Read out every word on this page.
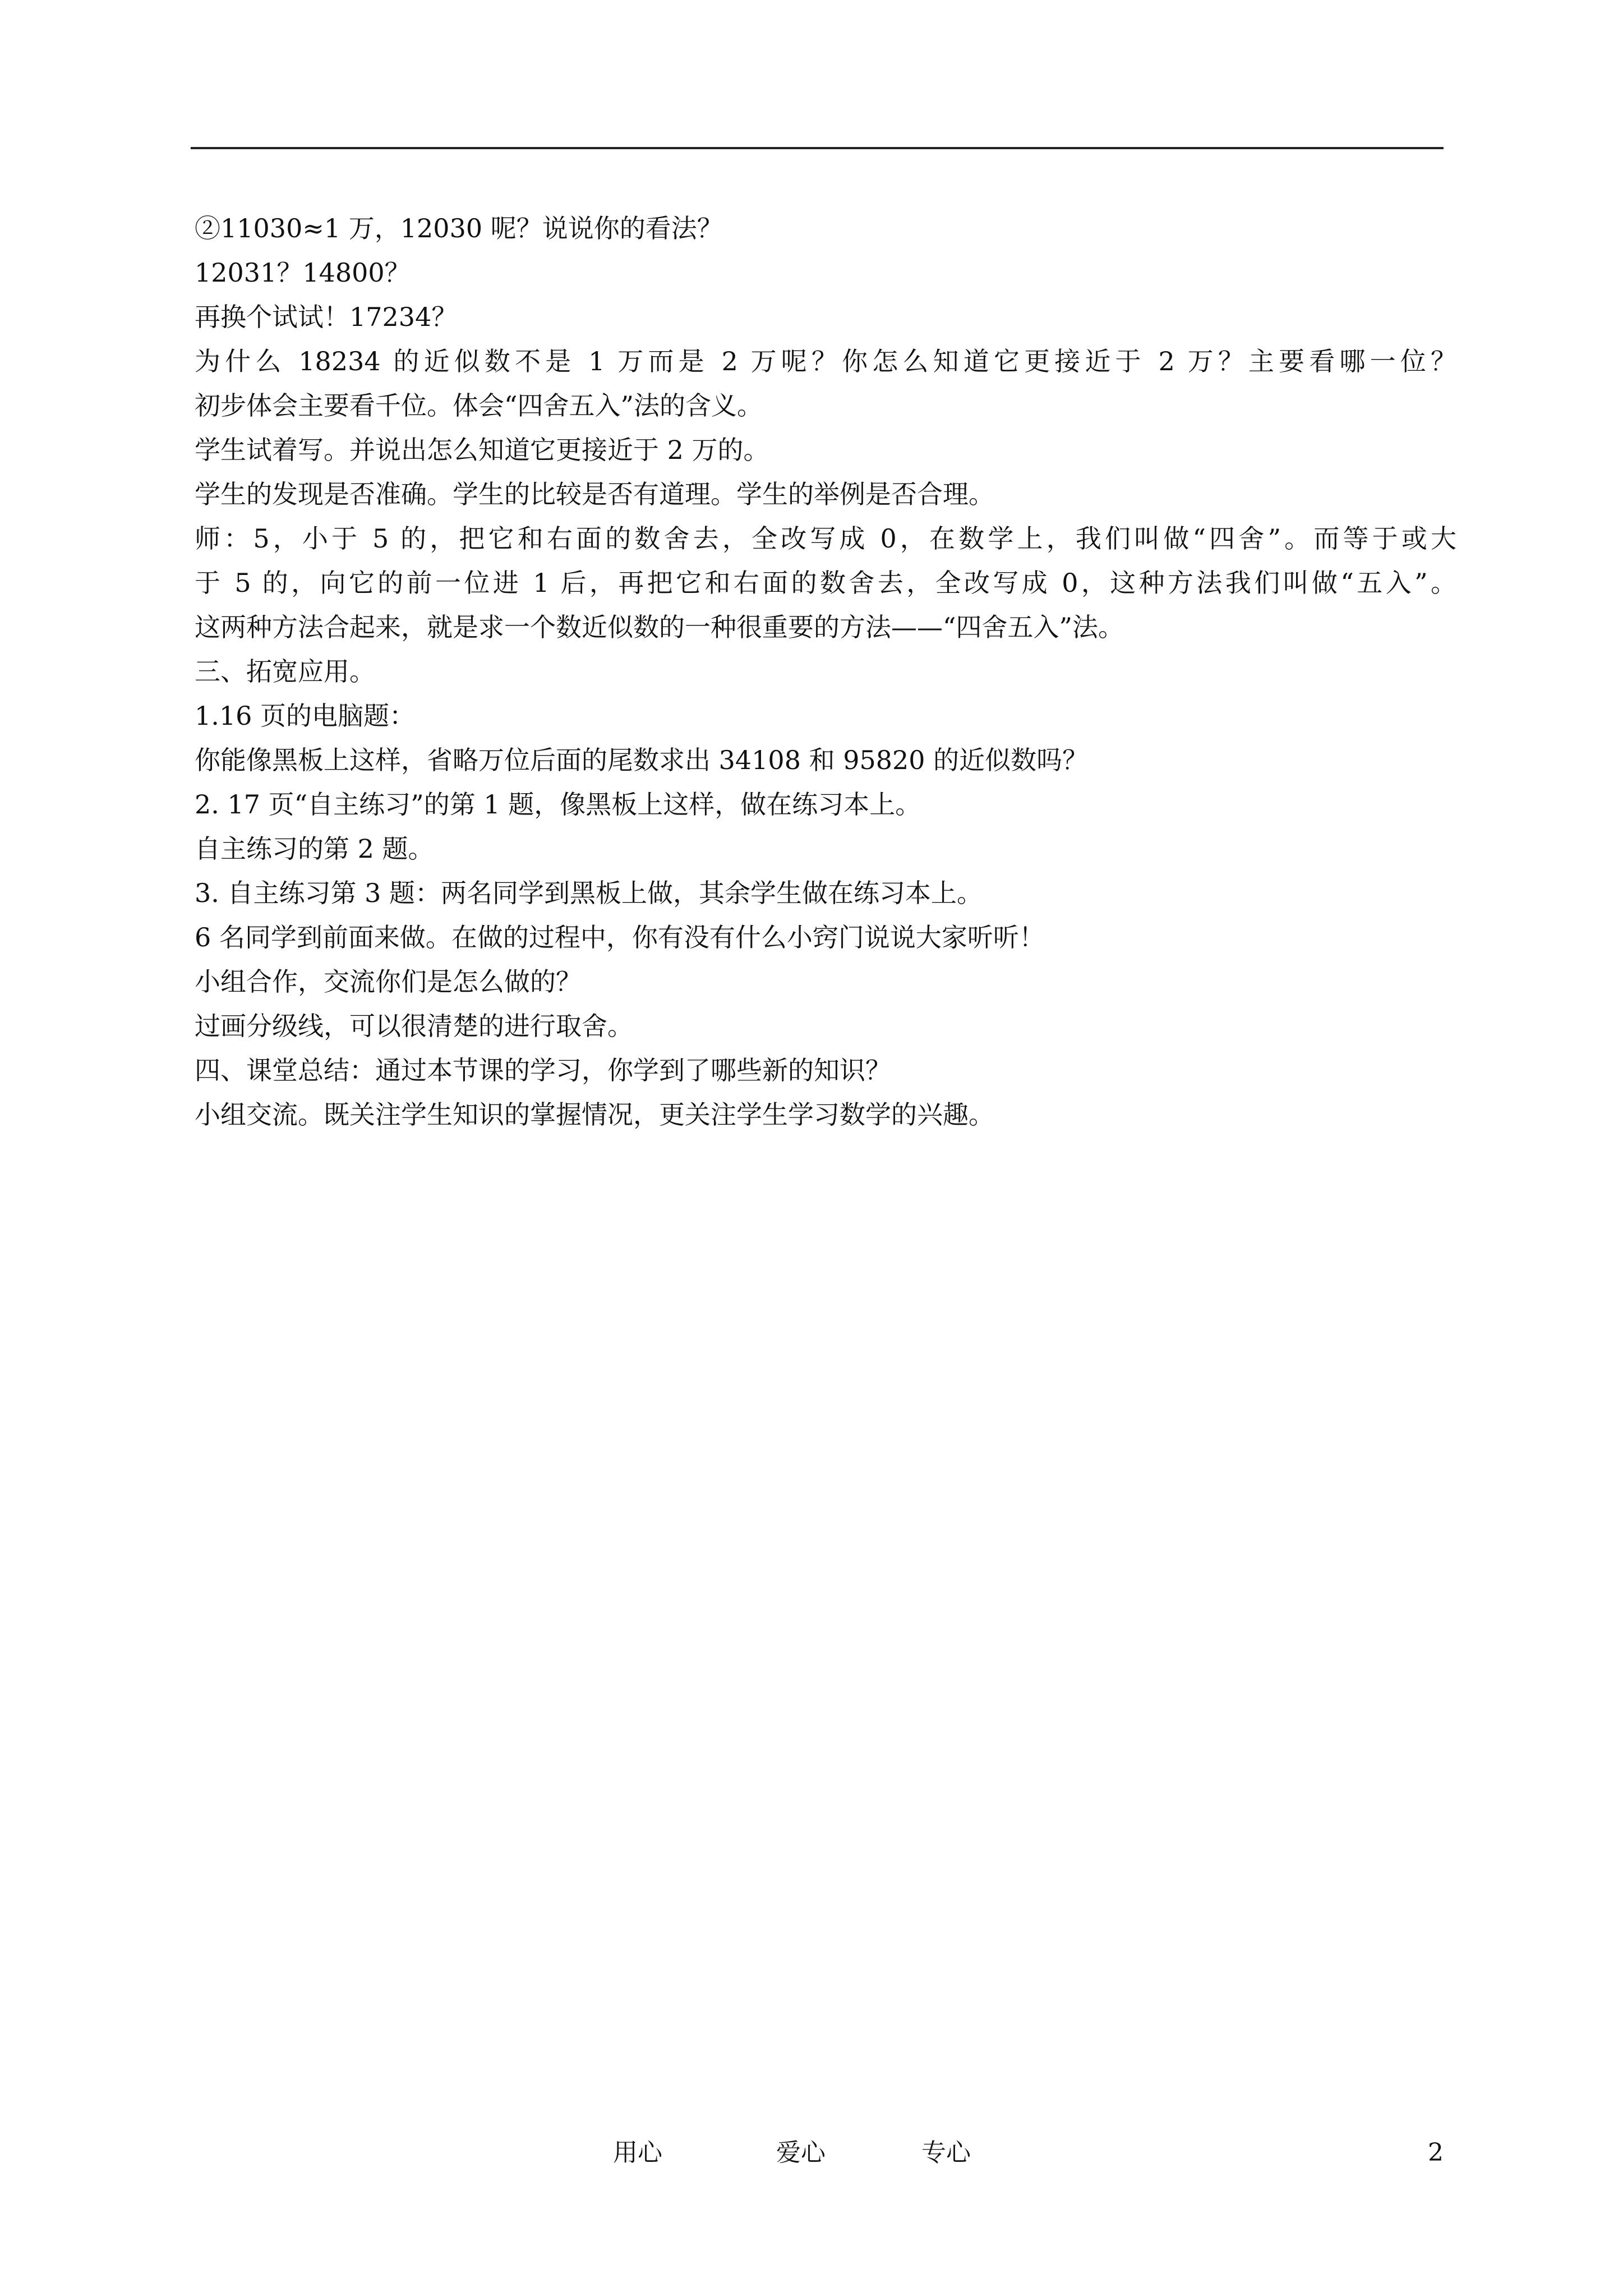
②11030≈1 万，12030 呢？说说你的看法？
12031？14800？
再换个试试！17234？
为什么 18234 的近似数不是 1 万而是 2 万呢？你怎么知道它更接近于 2 万？主要看哪一位？
初步体会主要看千位。体会“四舍五入”法的含义。
学生试着写。并说出怎么知道它更接近于 2 万的。
学生的发现是否准确。学生的比较是否有道理。学生的举例是否合理。
师：5，小于 5 的，把它和右面的数舍去，全改写成 0，在数学上，我们叫做“四舍”。而等于或大
于 5 的，向它的前一位进 1 后，再把它和右面的数舍去，全改写成 0，这种方法我们叫做“五入”。
这两种方法合起来，就是求一个数近似数的一种很重要的方法——“四舍五入”法。
三、拓宽应用。
1.16 页的电脑题：
你能像黑板上这样，省略万位后面的尾数求出 34108 和 95820 的近似数吗？
2. 17 页“自主练习”的第 1 题，像黑板上这样，做在练习本上。
自主练习的第 2 题。
3. 自主练习第 3 题：两名同学到黑板上做，其余学生做在练习本上。
6 名同学到前面来做。在做的过程中，你有没有什么小窍门说说大家听听！
小组合作，交流你们是怎么做的？
过画分级线，可以很清楚的进行取舍。
四、课堂总结：通过本节课的学习，你学到了哪些新的知识？
小组交流。既关注学生知识的掌握情况，更关注学生学习数学的兴趣。
用心	爱心	专心	2
